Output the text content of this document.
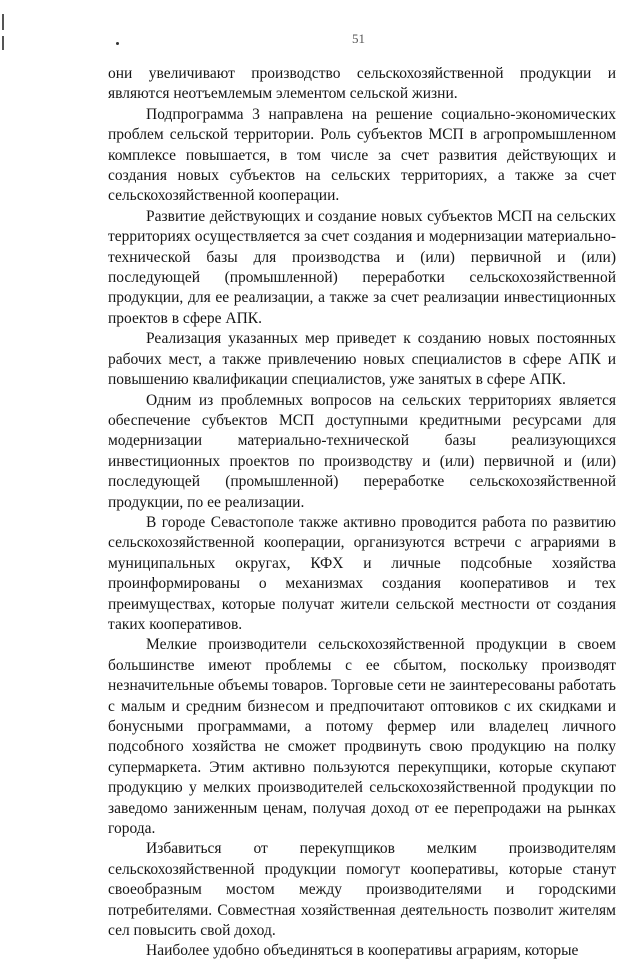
51

они увеличивают производство сельскохозяйственной продукции и являются неотъемлемым элементом сельской жизни.

Подпрограмма 3 направлена на решение социально-экономических проблем сельской территории. Роль субъектов МСП в агропромышленном комплексе повышается, в том числе за счет развития действующих и создания новых субъектов на сельских территориях, а также за счет сельскохозяйственной кооперации.

Развитие действующих и создание новых субъектов МСП на сельских территориях осуществляется за счет создания и модернизации материально-технической базы для производства и (или) первичной и (или) последующей (промышленной) переработки сельскохозяйственной продукции, для ее реализации, а также за счет реализации инвестиционных проектов в сфере АПК.

Реализация указанных мер приведет к созданию новых постоянных рабочих мест, а также привлечению новых специалистов в сфере АПК и повышению квалификации специалистов, уже занятых в сфере АПК.

Одним из проблемных вопросов на сельских территориях является обеспечение субъектов МСП доступными кредитными ресурсами для модернизации материально-технической базы реализующихся инвестиционных проектов по производству и (или) первичной и (или) последующей (промышленной) переработке сельскохозяйственной продукции, по ее реализации.

В городе Севастополе также активно проводится работа по развитию сельскохозяйственной кооперации, организуются встречи с аграриями в муниципальных округах, КФХ и личные подсобные хозяйства проинформированы о механизмах создания кооперативов и тех преимуществах, которые получат жители сельской местности от создания таких кооперативов.

Мелкие производители сельскохозяйственной продукции в своем большинстве имеют проблемы с ее сбытом, поскольку производят незначительные объемы товаров. Торговые сети не заинтересованы работать с малым и средним бизнесом и предпочитают оптовиков с их скидками и бонусными программами, а потому фермер или владелец личного подсобного хозяйства не сможет продвинуть свою продукцию на полку супермаркета. Этим активно пользуются перекупщики, которые скупают продукцию у мелких производителей сельскохозяйственной продукции по заведомо заниженным ценам, получая доход от ее перепродажи на рынках города.

Избавиться от перекупщиков мелким производителям сельскохозяйственной продукции помогут кооперативы, которые станут своеобразным мостом между производителями и городскими потребителями. Совместная хозяйственная деятельность позволит жителям сел повысить свой доход.

Наиболее удобно объединяться в кооперативы аграриям, которые
